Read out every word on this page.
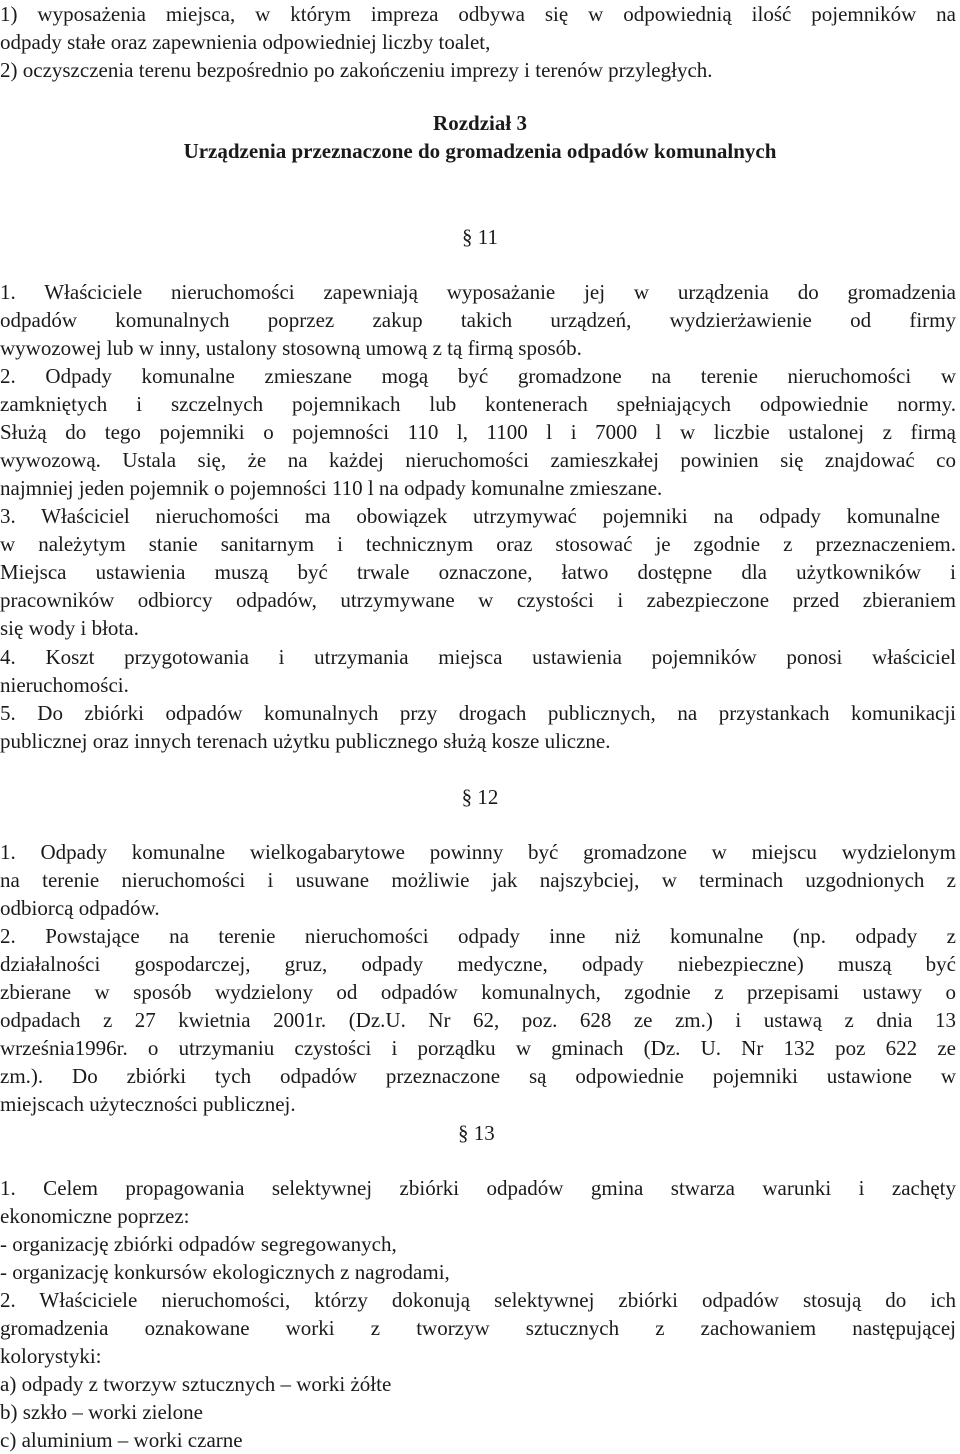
1) wyposażenia miejsca, w którym impreza odbywa się w odpowiednią ilość pojemników na
odpady stałe oraz zapewnienia odpowiedniej liczby toalet,
2) oczyszczenia terenu bezpośrednio po zakończeniu imprezy i terenów przyległych.
Rozdział 3
Urządzenia przeznaczone do gromadzenia odpadów komunalnych
§ 11
1. Właściciele nieruchomości zapewniają wyposażanie jej w urządzenia do gromadzenia
odpadów komunalnych poprzez zakup takich urządzeń, wydzierżawienie od firmy
wywozowej lub w inny, ustalony stosowną umową z tą firmą sposób.
2. Odpady komunalne zmieszane mogą być gromadzone na terenie nieruchomości w
zamkniętych i szczelnych pojemnikach lub kontenerach spełniających odpowiednie normy.
Służą do tego pojemniki o pojemności 110 l, 1100 l i 7000 l w liczbie ustalonej z firmą
wywozową. Ustala się, że na każdej nieruchomości zamieszkałej powinien się znajdować co
najmniej jeden pojemnik o pojemności 110 l na odpady komunalne zmieszane.
3. Właściciel nieruchomości ma obowiązek utrzymywać pojemniki na odpady komunalne
w należytym stanie sanitarnym i technicznym oraz stosować je zgodnie z przeznaczeniem.
Miejsca ustawienia muszą być trwale oznaczone, łatwo dostępne dla użytkowników i
pracowników odbiorcy odpadów, utrzymywane w czystości i zabezpieczone przed zbieraniem
się wody i błota.
4. Koszt przygotowania i utrzymania miejsca ustawienia pojemników ponosi właściciel
nieruchomości.
5. Do zbiórki odpadów komunalnych przy drogach publicznych, na przystankach komunikacji
publicznej oraz innych terenach użytku publicznego służą kosze uliczne.
§ 12
1. Odpady komunalne wielkogabarytowe powinny być gromadzone w miejscu wydzielonym
na terenie nieruchomości i usuwane możliwie jak najszybciej, w terminach uzgodnionych z
odbiorcą odpadów.
2. Powstające na terenie nieruchomości odpady inne niż komunalne (np. odpady z
działalności gospodarczej, gruz, odpady medyczne, odpady niebezpieczne) muszą być
zbierane w sposób wydzielony od odpadów komunalnych, zgodnie z przepisami ustawy o
odpadach z 27 kwietnia 2001r. (Dz.U. Nr 62, poz. 628 ze zm.) i ustawą z dnia 13
września1996r. o utrzymaniu czystości i porządku w gminach (Dz. U. Nr 132 poz 622 ze
zm.). Do zbiórki tych odpadów przeznaczone są odpowiednie pojemniki ustawione w
miejscach użyteczności publicznej.
§ 13
1. Celem propagowania selektywnej zbiórki odpadów gmina stwarza warunki i zachęty
ekonomiczne poprzez:
- organizację zbiórki odpadów segregowanych,
- organizację konkursów ekologicznych z nagrodami,
2. Właściciele nieruchomości, którzy dokonują selektywnej zbiórki odpadów stosują do ich
gromadzenia oznakowane worki z tworzyw sztucznych z zachowaniem następującej
kolorystyki:
a) odpady z tworzyw sztucznych – worki żółte
b) szkło – worki zielone
c) aluminium – worki czarne
